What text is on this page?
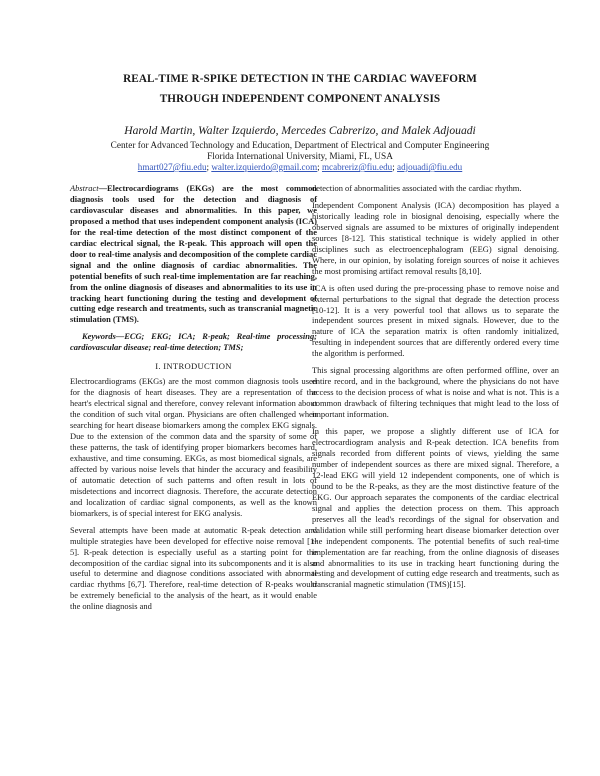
REAL-TIME R-SPIKE DETECTION IN THE CARDIAC WAVEFORM
THROUGH INDEPENDENT COMPONENT ANALYSIS
Harold Martin, Walter Izquierdo, Mercedes Cabrerizo, and Malek Adjouadi
Center for Advanced Technology and Education, Department of Electrical and Computer Engineering
Florida International University, Miami, FL, USA
hmart027@fiu.edu; walter.izquierdo@gmail.com; mcabreriz@fiu.edu; adjouadi@fiu.edu

Abstract—Electrocardiograms (EKGs) are the most common diagnosis tools used for the detection and diagnosis of cardiovascular diseases and abnormalities. In this paper, we proposed a method that uses independent component analysis (ICA) for the real-time detection of the most distinct component of the cardiac electrical signal, the R-peak. This approach will open the door to real-time analysis and decomposition of the complete cardiac signal and the online diagnosis of cardiac abnormalities. The potential benefits of such real-time implementation are far reaching, from the online diagnosis of diseases and abnormalities to its use in tracking heart functioning during the testing and development of cutting edge research and treatments, such as transcranial magnetic stimulation (TMS).

Keywords—ECG; EKG; ICA; R-peak; Real-time processing; cardiovascular disease; real-time detection; TMS;

I. INTRODUCTION

Electrocardiograms (EKGs) are the most common diagnosis tools used for the diagnosis of heart diseases. They are a representation of the heart's electrical signal and therefore, convey relevant information about the condition of such vital organ. Physicians are often challenged when searching for heart disease biomarkers among the complex EKG signals. Due to the extension of the common data and the sparsity of some of these patterns, the task of identifying proper biomarkers becomes hard, exhaustive, and time consuming. EKGs, as most biomedical signals, are affected by various noise levels that hinder the accuracy and feasibility of automatic detection of such patterns and often result in lots of misdetections and incorrect diagnosis. Therefore, the accurate detection and localization of cardiac signal components, as well as the known biomarkers, is of special interest for EKG analysis.

Several attempts have been made at automatic R-peak detection and multiple strategies have been developed for effective noise removal [1-5]. R-peak detection is especially useful as a starting point for the decomposition of the cardiac signal into its subcomponents and it is also useful to determine and diagnose conditions associated with abnormal cardiac rhythms [6,7]. Therefore, real-time detection of R-peaks would be extremely beneficial to the analysis of the heart, as it would enable the online diagnosis and

detection of abnormalities associated with the cardiac rhythm.

Independent Component Analysis (ICA) decomposition has played a historically leading role in biosignal denoising, especially where the observed signals are assumed to be mixtures of originally independent sources [8-12]. This statistical technique is widely applied in other disciplines such as electroencephalogram (EEG) signal denoising. Where, in our opinion, by isolating foreign sources of noise it achieves the most promising artifact removal results [8,10].

ICA is often used during the pre-processing phase to remove noise and external perturbations to the signal that degrade the detection process [10-12]. It is a very powerful tool that allows us to separate the independent sources present in mixed signals. However, due to the nature of ICA the separation matrix is often randomly initialized, resulting in independent sources that are differently ordered every time the algorithm is performed.

This signal processing algorithms are often performed offline, over an entire record, and in the background, where the physicians do not have access to the decision process of what is noise and what is not. This is a common drawback of filtering techniques that might lead to the loss of important information.

In this paper, we propose a slightly different use of ICA for electrocardiogram analysis and R-peak detection. ICA benefits from signals recorded from different points of views, yielding the same number of independent sources as there are mixed signal. Therefore, a 12-lead EKG will yield 12 independent components, one of which is bound to be the R-peaks, as they are the most distinctive feature of the EKG. Our approach separates the components of the cardiac electrical signal and applies the detection process on them. This approach preserves all the lead's recordings of the signal for observation and validation while still performing heart disease biomarker detection over the independent components. The potential benefits of such real-time implementation are far reaching, from the online diagnosis of diseases and abnormalities to its use in tracking heart functioning during the testing and development of cutting edge research and treatments, such as transcranial magnetic stimulation (TMS)[15].
